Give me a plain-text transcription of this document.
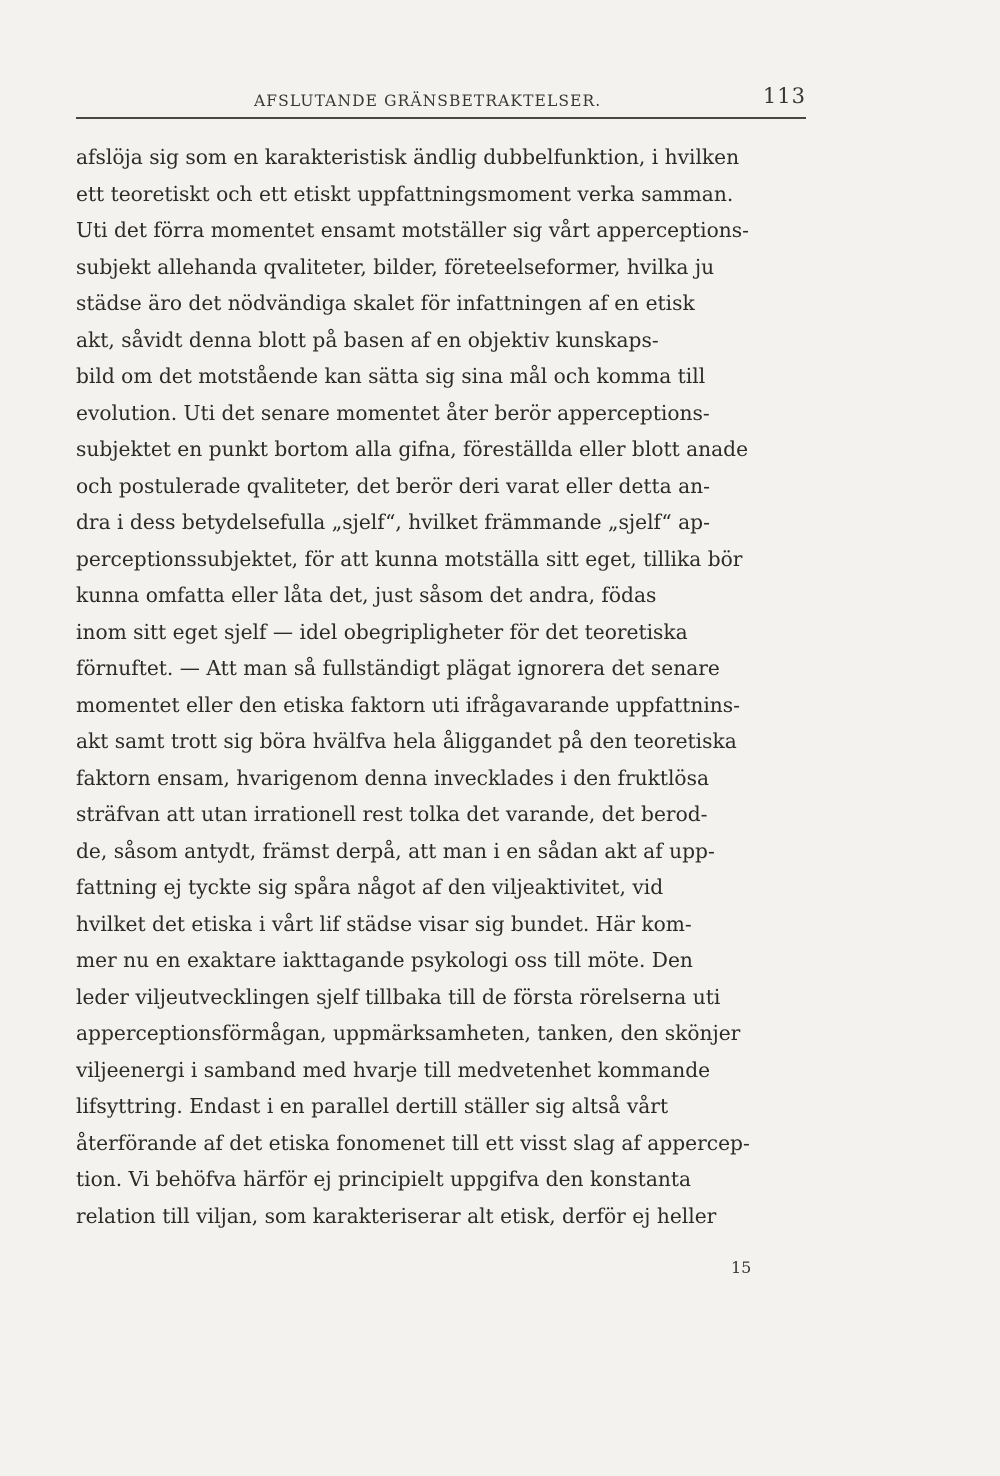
AFSLUTANDE GRÄNSBETRAKTELSER.	113
afslöja sig som en karakteristisk ändlig dubbelfunktion, i hvilken
ett teoretiskt och ett etiskt uppfattningsmoment verka samman.
Uti det förra momentet ensamt motställer sig vårt apperceptions-
subjekt allehanda qvaliteter, bilder, företeelseformer, hvilka ju
städse äro det nödvändiga skalet för infattningen af en etisk
akt, såvidt denna blott på basen af en objektiv kunskaps-
bild om det motstående kan sätta sig sina mål och komma till
evolution. Uti det senare momentet åter berör apperceptions-
subjektet en punkt bortom alla gifna, föreställda eller blott anade
och postulerade qvaliteter, det berör deri varat eller detta an-
dra i dess betydelsefulla „sjelf“, hvilket främmande „sjelf“ ap-
perceptionssubjektet, för att kunna motställa sitt eget, tillika bör
kunna omfatta eller låta det, just såsom det andra, födas
inom sitt eget sjelf — idel obegripligheter för det teoretiska
förnuftet. — Att man så fullständigt plägat ignorera det senare
momentet eller den etiska faktorn uti ifrågavarande uppfattnins-
akt samt trott sig böra hvälfva hela åliggandet på den teoretiska
faktorn ensam, hvarigenom denna invecklades i den fruktlösa
sträfvan att utan irrationell rest tolka det varande, det berod-
de, såsom antydt, främst derpå, att man i en sådan akt af upp-
fattning ej tyckte sig spåra något af den viljeaktivitet, vid
hvilket det etiska i vårt lif städse visar sig bundet. Här kom-
mer nu en exaktare iakttagande psykologi oss till möte. Den
leder viljeutvecklingen sjelf tillbaka till de första rörelserna uti
apperceptionsförmågan, uppmärksamheten, tanken, den skönjer
viljeenergi i samband med hvarje till medvetenhet kommande
lifsyttring. Endast i en parallel dertill ställer sig altså vårt
återförande af det etiska fonomenet till ett visst slag af appercep-
tion. Vi behöfva härför ej principielt uppgifva den konstanta
relation till viljan, som karakteriserar alt etisk, derför ej heller
15
